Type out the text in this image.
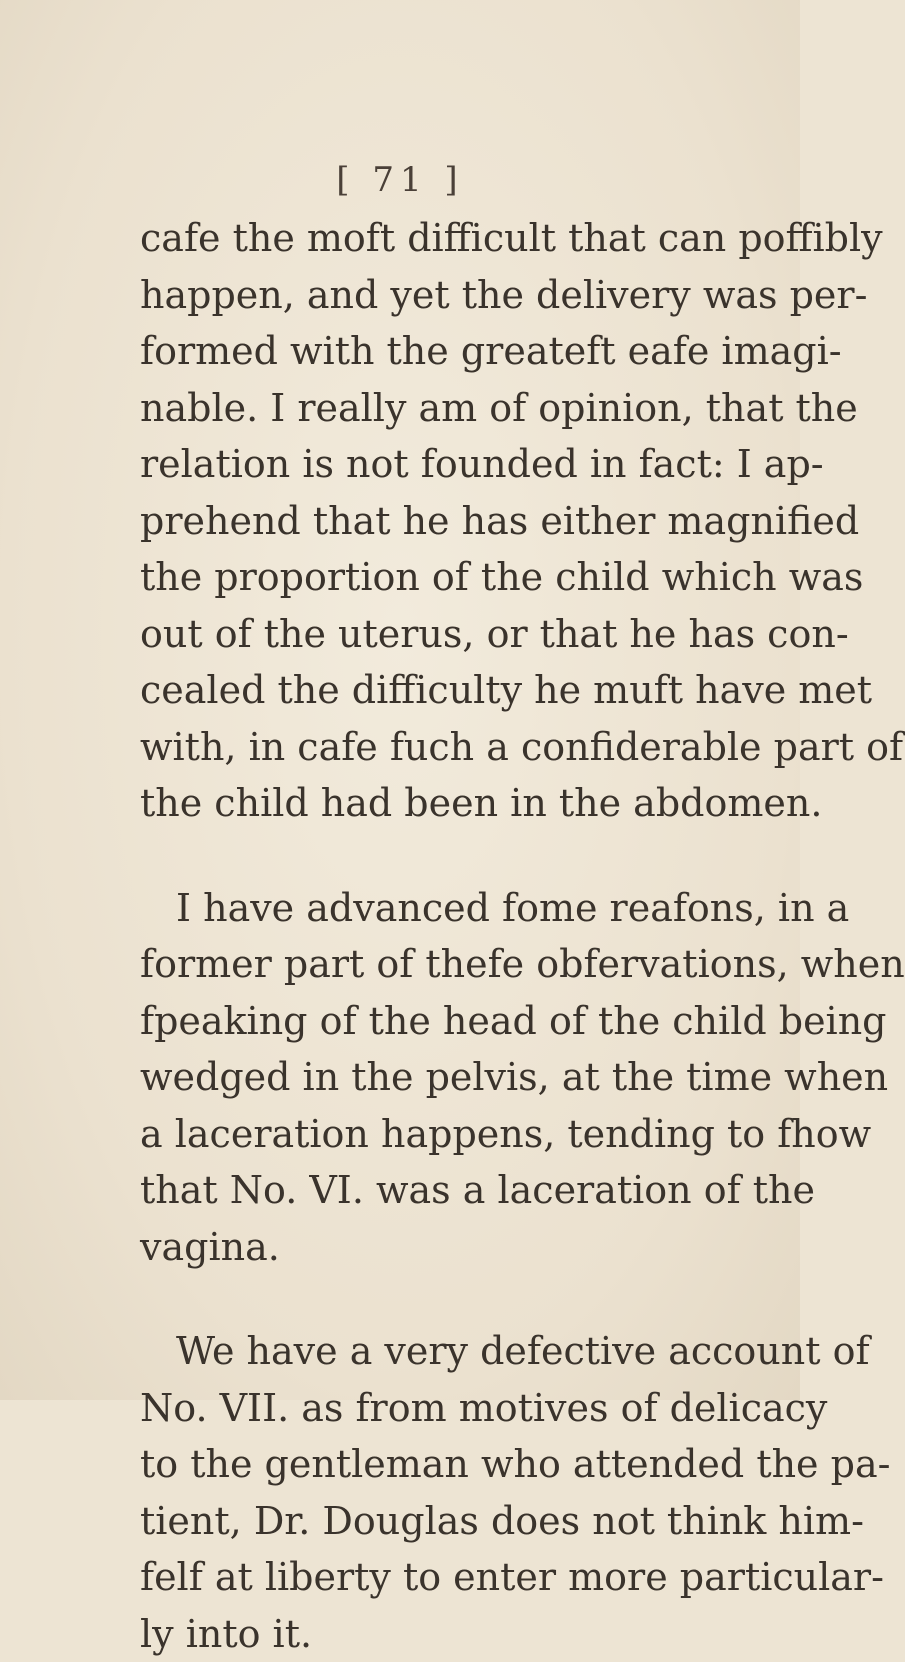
[ 71 ]
cafe the moft difficult that can poffibly
happen, and yet the delivery was per-
formed with the greateft eafe imagi-
nable. I really am of opinion, that the
relation is not founded in fact: I ap-
prehend that he has either magnified
the proportion of the child which was
out of the uterus, or that he has con-
cealed the difficulty he muft have met
with, in cafe fuch a confiderable part of
the child had been in the abdomen.
I have advanced fome reafons, in a
former part of thefe obfervations, when
fpeaking of the head of the child being
wedged in the pelvis, at the time when
a laceration happens, tending to fhow
that No. VI. was a laceration of the
vagina.
We have a very defective account of
No. VII. as from motives of delicacy
to the gentleman who attended the pa-
tient, Dr. Douglas does not think him-
felf at liberty to enter more particular-
ly into it.
